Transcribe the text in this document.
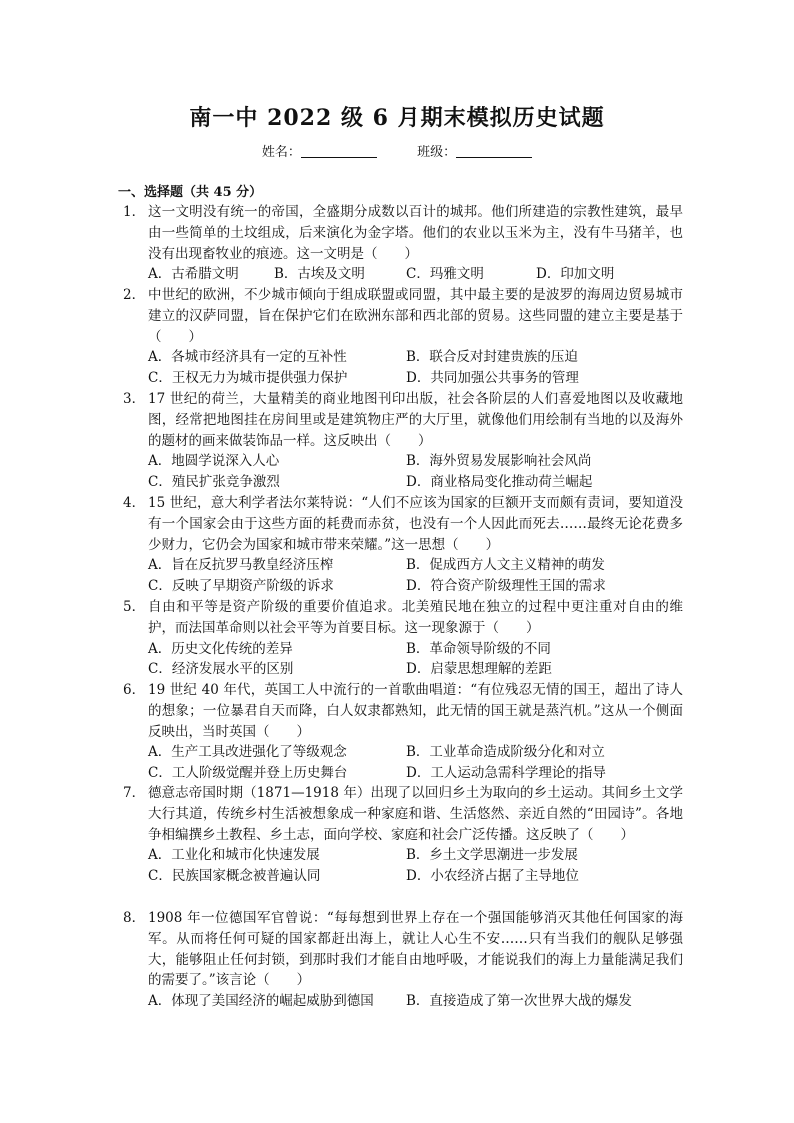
南一中 2022 级 6 月期末模拟历史试题
姓名：	班级：
一、选择题（共 45 分）
1． 这一文明没有统一的帝国，全盛期分成数以百计的城邦。他们所建造的宗教性建筑，最早由一些简单的土坟组成，后来演化为金字塔。他们的农业以玉米为主，没有牛马猪羊，也没有出现畜牧业的痕迹。这一文明是（　　）
A．古希腊文明	B．古埃及文明	C．玛雅文明	D．印加文明
2． 中世纪的欧洲，不少城市倾向于组成联盟或同盟，其中最主要的是波罗的海周边贸易城市建立的汉萨同盟，旨在保护它们在欧洲东部和西北部的贸易。这些同盟的建立主要是基于（　　）
A．各城市经济具有一定的互补性	B．联合反对封建贵族的压迫
C．王权无力为城市提供强力保护	D．共同加强公共事务的管理
3． 17 世纪的荷兰，大量精美的商业地图刊印出版，社会各阶层的人们喜爱地图以及收藏地图，经常把地图挂在房间里或是建筑物庄严的大厅里，就像他们用绘制有当地的以及海外的题材的画来做装饰品一样。这反映出（　　）
A．地圆学说深入人心	B．海外贸易发展影响社会风尚
C．殖民扩张竞争激烈	D．商业格局变化推动荷兰崛起
4． 15 世纪，意大利学者法尔莱特说：“人们不应该为国家的巨额开支而颇有责词，要知道没有一个国家会由于这些方面的耗费而赤贫，也没有一个人因此而死去……最终无论花费多少财力，它仍会为国家和城市带来荣耀。”这一思想（　　）
A．旨在反抗罗马教皇经济压榨	B．促成西方人文主义精神的萌发
C．反映了早期资产阶级的诉求	D．符合资产阶级理性王国的需求
5． 自由和平等是资产阶级的重要价值追求。北美殖民地在独立的过程中更注重对自由的维护，而法国革命则以社会平等为首要目标。这一现象源于（　　）
A．历史文化传统的差异	B．革命领导阶级的不同
C．经济发展水平的区别	D．启蒙思想理解的差距
6． 19 世纪 40 年代，英国工人中流行的一首歌曲唱道：“有位残忍无情的国王，超出了诗人的想象；一位暴君自天而降，白人奴隶都熟知，此无情的国王就是蒸汽机。”这从一个侧面反映出，当时英国（　　）
A．生产工具改进强化了等级观念	B．工业革命造成阶级分化和对立
C．工人阶级觉醒并登上历史舞台	D．工人运动急需科学理论的指导
7． 德意志帝国时期（1871—1918 年）出现了以回归乡土为取向的乡土运动。其间乡土文学大行其道，传统乡村生活被想象成一种家庭和谐、生活悠然、亲近自然的“田园诗”。各地争相编撰乡土教程、乡土志，面向学校、家庭和社会广泛传播。这反映了（　　）
A．工业化和城市化快速发展	B．乡土文学思潮进一步发展
C．民族国家概念被普遍认同	D．小农经济占据了主导地位
8． 1908 年一位德国军官曾说：“每每想到世界上存在一个强国能够消灭其他任何国家的海军。从而将任何可疑的国家都赶出海上，就让人心生不安……只有当我们的舰队足够强大，能够阻止任何封锁，到那时我们才能自由地呼吸，才能说我们的海上力量能满足我们的需要了。”该言论（　　）
A．体现了美国经济的崛起威胁到德国 B．直接造成了第一次世界大战的爆发
